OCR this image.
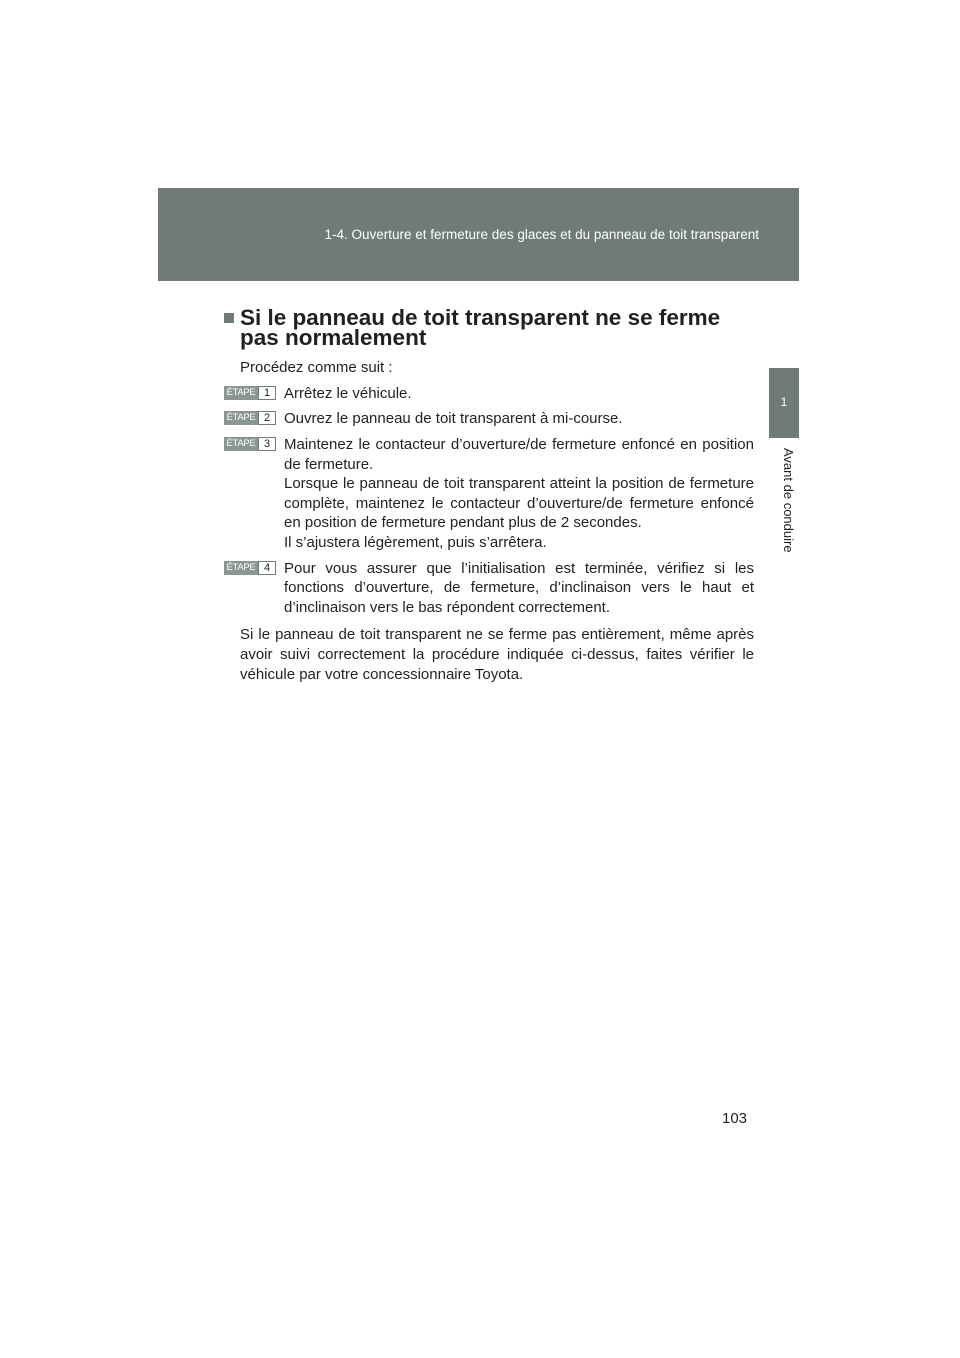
1-4. Ouverture et fermeture des glaces et du panneau de toit transparent
1
Avant de conduire
Si le panneau de toit transparent ne se ferme pas normalement

Procédez comme suit :

ÉTAPE 1 Arrêtez le véhicule.

ÉTAPE 2 Ouvrez le panneau de toit transparent à mi-course.

ÉTAPE 3 Maintenez le contacteur d’ouverture/de fermeture enfoncé en position de fermeture.

Lorsque le panneau de toit transparent atteint la position de fermeture complète, maintenez le contacteur d’ouverture/de fermeture enfoncé en position de fermeture pendant plus de 2 secondes.

Il s’ajustera légèrement, puis s’arrêtera.

ÉTAPE 4 Pour vous assurer que l’initialisation est terminée, vérifiez si les fonctions d’ouverture, de fermeture, d’inclinaison vers le haut et d’inclinaison vers le bas répondent correctement.

Si le panneau de toit transparent ne se ferme pas entièrement, même après avoir suivi correctement la procédure indiquée ci-dessus, faites vérifier le véhicule par votre concessionnaire Toyota.

103
